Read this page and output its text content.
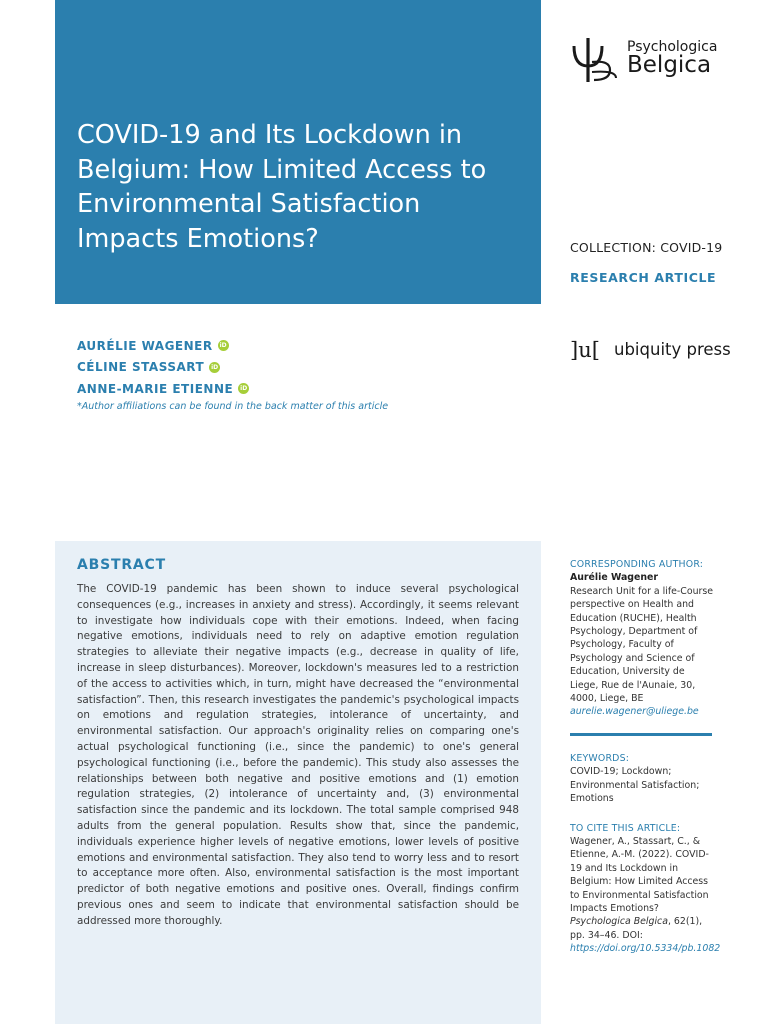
COVID-19 and Its Lockdown in Belgium: How Limited Access to Environmental Satisfaction Impacts Emotions?
Psychologica
Belgica
COLLECTION: COVID-19
RESEARCH ARTICLE
]u[ ubiquity press
AURÉLIE WAGENER	iD
CÉLINE STASSART	iD
ANNE-MARIE ETIENNE	iD
*Author affiliations can be found in the back matter of this article
ABSTRACT

The COVID-19 pandemic has been shown to induce several psychological consequences (e.g., increases in anxiety and stress). Accordingly, it seems relevant to investigate how individuals cope with their emotions. Indeed, when facing negative emotions, individuals need to rely on adaptive emotion regulation strategies to alleviate their negative impacts (e.g., decrease in quality of life, increase in sleep disturbances). Moreover, lockdown's measures led to a restriction of the access to activities which, in turn, might have decreased the “environmental satisfaction”. Then, this research investigates the pandemic's psychological impacts on emotions and regulation strategies, intolerance of uncertainty, and environmental satisfaction. Our approach's originality relies on comparing one's actual psychological functioning (i.e., since the pandemic) to one's general psychological functioning (i.e., before the pandemic). This study also assesses the relationships between both negative and positive emotions and (1) emotion regulation strategies, (2) intolerance of uncertainty and, (3) environmental satisfaction since the pandemic and its lockdown. The total sample comprised 948 adults from the general population. Results show that, since the pandemic, individuals experience higher levels of negative emotions, lower levels of positive emotions and environmental satisfaction. They also tend to worry less and to resort to acceptance more often. Also, environmental satisfaction is the most important predictor of both negative emotions and positive ones. Overall, findings confirm previous ones and seem to indicate that environmental satisfaction should be addressed more thoroughly.

CORRESPONDING AUTHOR:
Aurélie Wagener
Research Unit for a life-Course perspective on Health and Education (RUCHE), Health Psychology, Department of Psychology, Faculty of Psychology and Science of Education, University de Liege, Rue de l'Aunaie, 30, 4000, Liege, BE
aurelie.wagener@uliege.be
KEYWORDS:
COVID-19; Lockdown; Environmental Satisfaction; Emotions
TO CITE THIS ARTICLE:
Wagener, A., Stassart, C., & Etienne, A.-M. (2022). COVID-19 and Its Lockdown in Belgium: How Limited Access to Environmental Satisfaction Impacts Emotions? Psychologica Belgica, 62(1), pp. 34–46. DOI: https://doi.org/10.5334/pb.1082
